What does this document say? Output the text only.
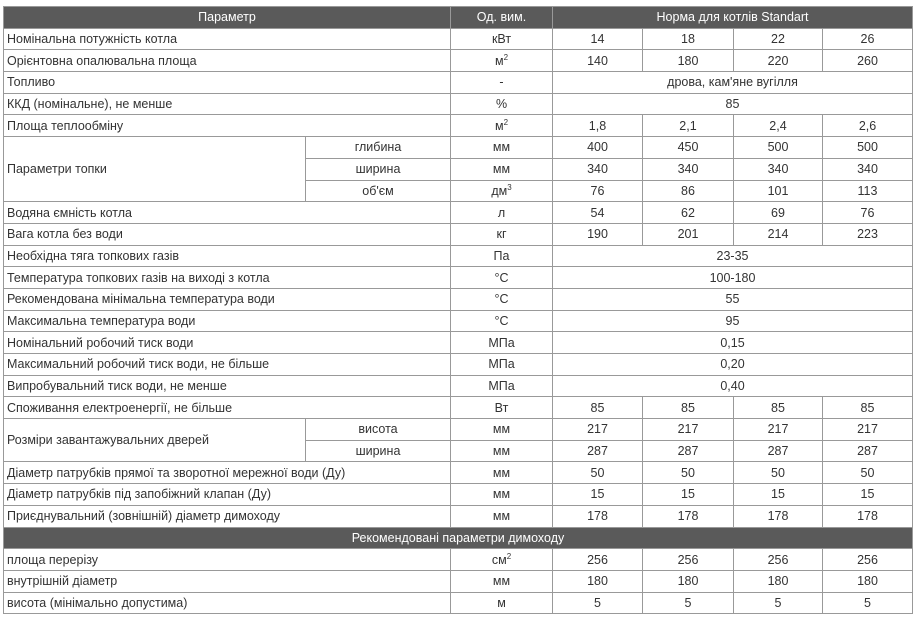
Параметр		Од. вим.	Норма для котлів Standart			
Номінальна потужність котла		кВт	14	18	22	26
Орієнтовна опалювальна площа		$м^2$	140	180	220	260
Топливо		-	дрова, кам'яне вугілля			
ККД (номінальне), не менше		%	85			
Площа теплообміну		$м^2$	1,8	2,1	2,4	2,6
Параметри топки	глибина	мм	400	450	500	500
	ширина	мм	340	340	340	340
	об'єм	$дм^3$	76	86	101	113
Водяна ємність котла		л	54	62	69	76
Вага котла без води		кг	190	201	214	223
Необхідна тяга топкових газів		Па	23-35			
Температура топкових газів на виході з котла		°С	100-180			
Рекомендована мінімальна температура води		°С	55			
Максимальна температура води		°С	95			
Номінальний робочий тиск води		МПа	0,15			
Максимальний робочий тиск води, не більше		МПа	0,20			
Випробувальний тиск води, не менше		МПа	0,40			
Споживання електроенергії, не більше		Вт	85	85	85	85
Розміри завантажувальних дверей	висота	мм	217	217	217	217
	ширина	мм	287	287	287	287
Діаметр патрубків прямої та зворотної мережної води (Ду)		мм	50	50	50	50
Діаметр патрубків під запобіжний клапан (Ду)		мм	15	15	15	15
Приєднувальний (зовнішній) діаметр димоходу		мм	178	178	178	178
Рекомендовані параметри димоходу						
площа перерізу		$см^2$	256	256	256	256
внутрішній діаметр		мм	180	180	180	180
висота (мінімально допустима)		м	5	5	5	5
